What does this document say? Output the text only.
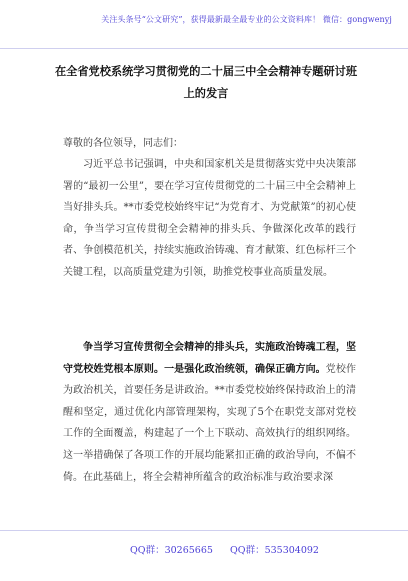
关注头条号“公文研究”，获得最新最全最专业的公文资料库！ 微信：gongwenyj

在全省党校系统学习贯彻党的二十届三中全会精神专题研讨班上的发言

尊敬的各位领导，同志们：

习近平总书记强调，中央和国家机关是贯彻落实党中央决策部署的“最初一公里”，要在学习宣传贯彻党的二十届三中全会精神上当好排头兵。**市委党校始终牢记“为党育才、为党献策”的初心使命，争当学习宣传贯彻全会精神的排头兵、争做深化改革的践行者、争创模范机关，持续实施政治铸魂、育才献策、红色标杆三个关键工程，以高质量党建为引领，助推党校事业高质量发展。

争当学习宣传贯彻全会精神的排头兵，实施政治铸魂工程，坚守党校姓党根本原则。一是强化政治统领，确保正确方向。党校作为政治机关，首要任务是讲政治。**市委党校始终保持政治上的清醒和坚定，通过优化内部管理架构，实现了5个在职党支部对党校工作的全面覆盖，构建起了一个上下联动、高效执行的组织网络。这一举措确保了各项工作的开展均能紧扣正确的政治导向，不偏不倚。在此基础上，将全会精神所蕴含的政治标准与政治要求深

QQ群：30265665 QQ群：535304092
